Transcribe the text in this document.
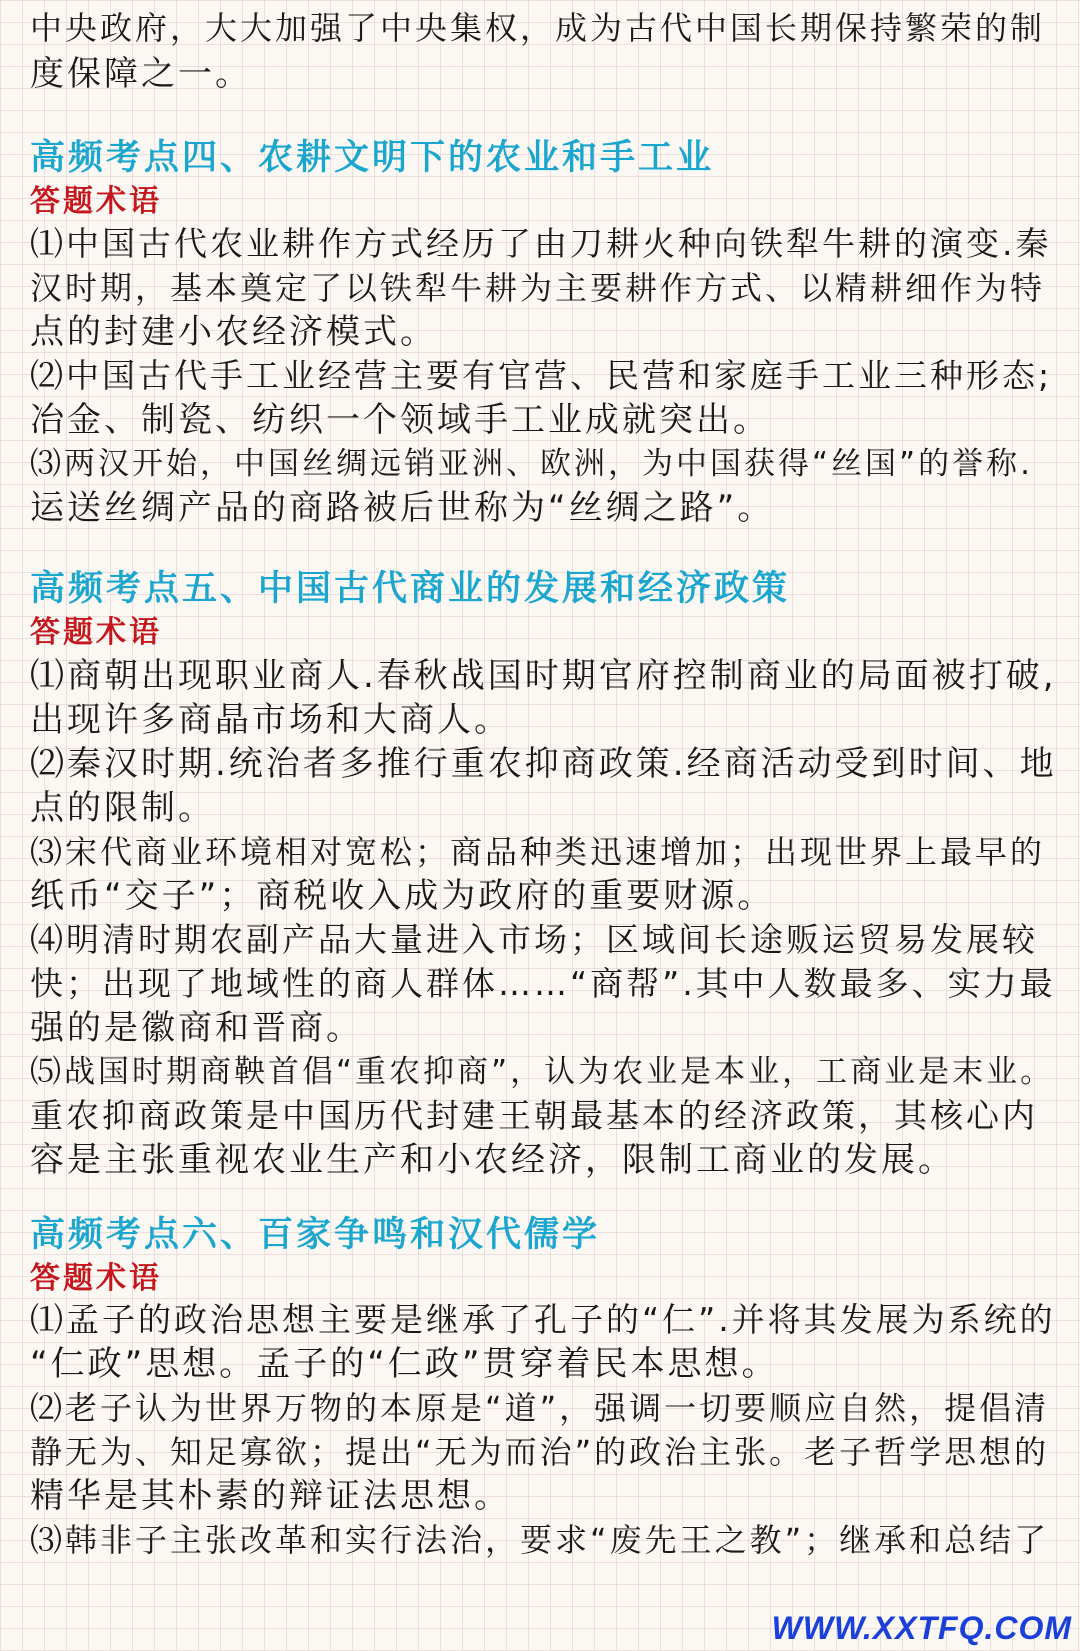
中央政府，大大加强了中央集权，成为古代中国长期保持繁荣的制
度保障之一。
高频考点四、农耕文明下的农业和手工业
答题术语
⑴中国古代农业耕作方式经历了由刀耕火种向铁犁牛耕的演变.秦
汉时期，基本奠定了以铁犁牛耕为主要耕作方式、以精耕细作为特
点的封建小农经济模式。
⑵中国古代手工业经营主要有官营、民营和家庭手工业三种形态;
冶金、制瓷、纺织一个领域手工业成就突出。
⑶两汉开始，中国丝绸远销亚洲、欧洲，为中国获得“丝国”的誉称.
运送丝绸产品的商路被后世称为“丝绸之路”。
高频考点五、中国古代商业的发展和经济政策
答题术语
⑴商朝出现职业商人.春秋战国时期官府控制商业的局面被打破,
出现许多商晶市场和大商人。
⑵秦汉时期.统治者多推行重农抑商政策.经商活动受到时间、地
点的限制。
⑶宋代商业环境相对宽松；商品种类迅速增加；出现世界上最早的
纸币“交子”；商税收入成为政府的重要财源。
⑷明清时期农副产品大量进入市场；区域间长途贩运贸易发展较
快；出现了地域性的商人群体……“商帮”.其中人数最多、实力最
强的是徽商和晋商。
⑸战国时期商鞅首倡“重农抑商”，认为农业是本业，工商业是末业。
重农抑商政策是中国历代封建王朝最基本的经济政策，其核心内
容是主张重视农业生产和小农经济，限制工商业的发展。
高频考点六、百家争鸣和汉代儒学
答题术语
⑴孟子的政治思想主要是继承了孔子的“仁”.并将其发展为系统的
“仁政”思想。孟子的“仁政”贯穿着民本思想。
⑵老子认为世界万物的本原是“道”，强调一切要顺应自然，提倡清
静无为、知足寡欲；提出“无为而治”的政治主张。老子哲学思想的
精华是其朴素的辩证法思想。
⑶韩非子主张改革和实行法治，要求“废先王之教”；继承和总结了
WWW.XXTFQ.COM
